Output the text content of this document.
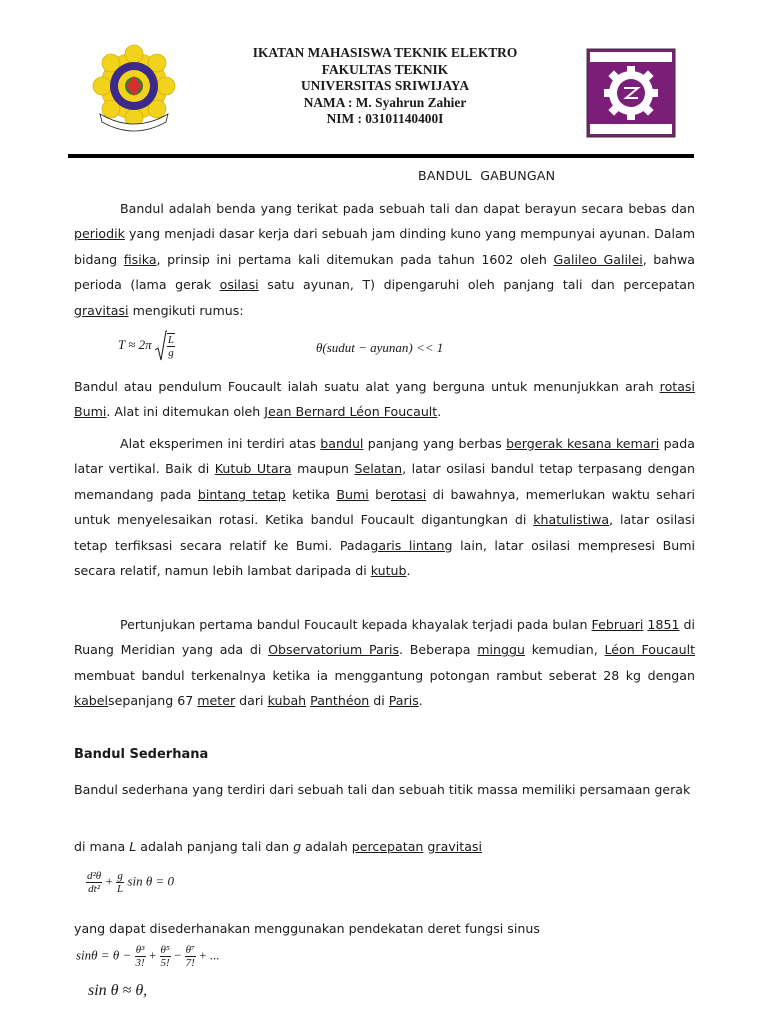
IKATAN MAHASISWA TEKNIK ELEKTRO
FAKULTAS TEKNIK
UNIVERSITAS SRIWIJAYA
NAMA : M. Syahrun Zahier
NIM : 03101140400I
BANDUL  GABUNGAN

Bandul adalah benda yang terikat pada sebuah tali dan dapat berayun secara bebas dan periodik yang menjadi dasar kerja dari sebuah jam dinding kuno yang mempunyai ayunan. Dalam bidang fisika, prinsip ini pertama kali ditemukan pada tahun 1602 oleh Galileo Galilei, bahwa perioda (lama gerak osilasi satu ayunan, T) dipengaruhi oleh panjang tali dan percepatan gravitasi mengikuti rumus:

$T \approx 2\pi \frac{L}{g}$	θ(sudut − ayunan) << 1

Bandul atau pendulum Foucault ialah suatu alat yang berguna untuk menunjukkan arah rotasi Bumi. Alat ini ditemukan oleh Jean Bernard Léon Foucault.

Alat eksperimen ini terdiri atas bandul panjang yang berbas bergerak kesana kemari pada latar vertikal. Baik di Kutub Utara maupun Selatan, latar osilasi bandul tetap terpasang dengan memandang pada bintang tetap ketika Bumi berotasi di bawahnya, memerlukan waktu sehari untuk menyelesaikan rotasi. Ketika bandul Foucault digantungkan di khatulistiwa, latar osilasi tetap terfiksasi secara relatif ke Bumi. Padagaris lintang lain, latar osilasi mempresesi Bumi secara relatif, namun lebih lambat daripada di kutub.

Pertunjukan pertama bandul Foucault kepada khayalak terjadi pada bulan Februari 1851 di Ruang Meridian yang ada di Observatorium Paris. Beberapa minggu kemudian, Léon Foucault membuat bandul terkenalnya ketika ia menggantung potongan rambut seberat 28 kg dengan kabelsepanjang 67 meter dari kubah Panthéon di Paris.

Bandul Sederhana

Bandul sederhana yang terdiri dari sebuah tali dan sebuah titik massa memiliki persamaan gerak

di mana L adalah panjang tali dan g adalah percepatan gravitasi

$\frac{\text{d²θ}}{\text{dt²}} + \frac{g}{L}$ sin θ = 0

yang dapat disederhanakan menggunakan pendekatan deret fungsi sinus

$\sin\theta = \theta - \frac{\text{θ³}}{3!} + \frac{\text{θ⁵}}{5!} - \frac{\text{θ⁷}}{7!}$ + ...
sin θ ≈ θ,
